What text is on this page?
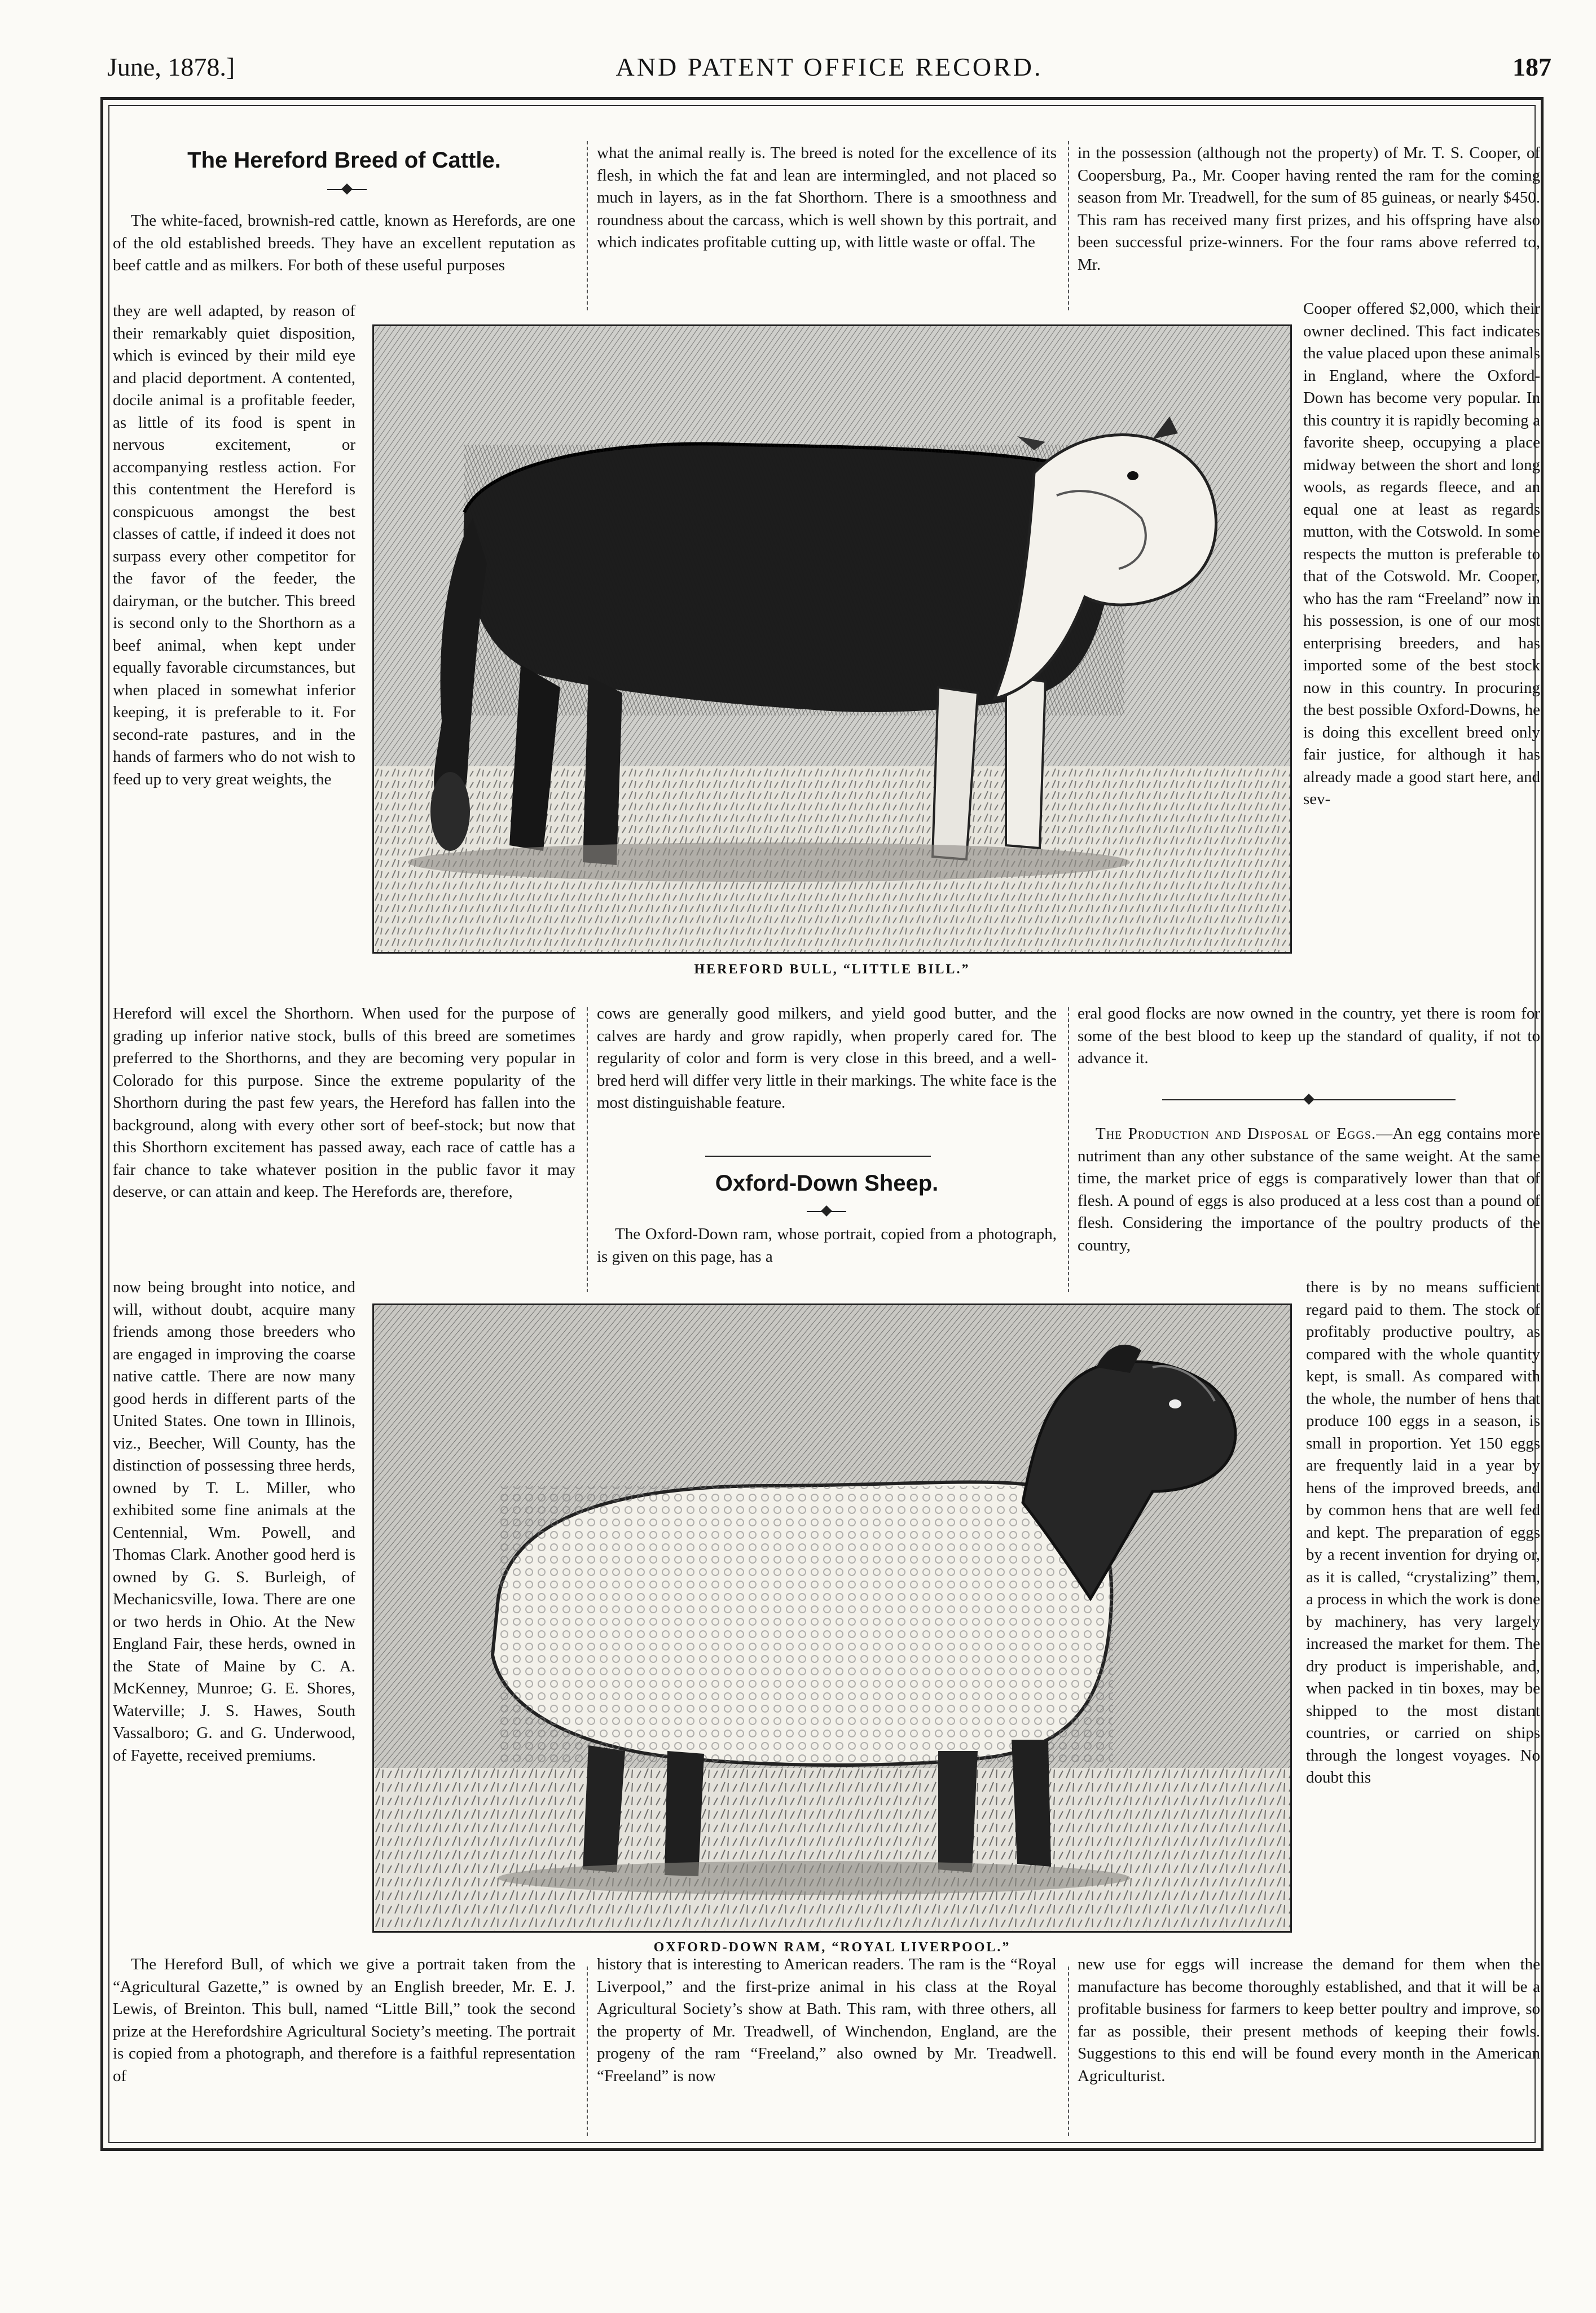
June, 1878.]	AND PATENT OFFICE RECORD.	187
The Hereford Breed of Cattle.

The white-faced, brownish-red cattle, known as Herefords, are one of the old established breeds. They have an excellent reputation as beef cattle and as milkers. For both of these useful purposes

they are well adapted, by reason of their remarkably quiet disposition, which is evinced by their mild eye and placid deportment. A contented, docile animal is a profitable feeder, as little of its food is spent in nervous excitement, or accompanying restless action. For this contentment the Hereford is conspicuous amongst the best classes of cattle, if indeed it does not surpass every other competitor for the favor of the feeder, the dairyman, or the butcher. This breed is second only to the Shorthorn as a beef animal, when kept under equally favorable circumstances, but when placed in somewhat inferior keeping, it is preferable to it. For second-rate pastures, and in the hands of farmers who do not wish to feed up to very great weights, the

Hereford will excel the Shorthorn. When used for the purpose of grading up inferior native stock, bulls of this breed are sometimes preferred to the Shorthorns, and they are becoming very popular in Colorado for this purpose. Since the extreme popularity of the Shorthorn during the past few years, the Hereford has fallen into the background, along with every other sort of beef-stock; but now that this Shorthorn excitement has passed away, each race of cattle has a fair chance to take whatever position in the public favor it may deserve, or can attain and keep. The Herefords are, therefore,

now being brought into notice, and will, without doubt, acquire many friends among those breeders who are engaged in improving the coarse native cattle. There are now many good herds in different parts of the United States. One town in Illinois, viz., Beecher, Will County, has the distinction of possessing three herds, owned by T. L. Miller, who exhibited some fine animals at the Centennial, Wm. Powell, and Thomas Clark. Another good herd is owned by G. S. Burleigh, of Mechanicsville, Iowa. There are one or two herds in Ohio. At the New England Fair, these herds, owned in the State of Maine by C. A. McKenney, Munroe; G. E. Shores, Waterville; J. S. Hawes, South Vassalboro; G. and G. Underwood, of Fayette, received premiums.

The Hereford Bull, of which we give a portrait taken from the “Agricultural Gazette,” is owned by an English breeder, Mr. E. J. Lewis, of Breinton. This bull, named “Little Bill,” took the second prize at the Herefordshire Agricultural Society’s meeting. The portrait is copied from a photograph, and therefore is a faithful representation of

what the animal really is. The breed is noted for the excellence of its flesh, in which the fat and lean are intermingled, and not placed so much in layers, as in the fat Shorthorn. There is a smoothness and roundness about the carcass, which is well shown by this portrait, and which indicates profitable cutting up, with little waste or offal. The

cows are generally good milkers, and yield good butter, and the calves are hardy and grow rapidly, when properly cared for. The regularity of color and form is very close in this breed, and a well-bred herd will differ very little in their markings. The white face is the most distinguishable feature.

Oxford-Down Sheep.

The Oxford-Down ram, whose portrait, copied from a photograph, is given on this page, has a

history that is interesting to American readers. The ram is the “Royal Liverpool,” and the first-prize animal in his class at the Royal Agricultural Society’s show at Bath. This ram, with three others, all the property of Mr. Treadwell, of Winchendon, England, are the progeny of the ram “Freeland,” also owned by Mr. Treadwell. “Freeland” is now

in the possession (although not the property) of Mr. T. S. Cooper, of Coopersburg, Pa., Mr. Cooper having rented the ram for the coming season from Mr. Treadwell, for the sum of 85 guineas, or nearly $450. This ram has received many first prizes, and his offspring have also been successful prize-winners. For the four rams above referred to, Mr.

Cooper offered $2,000, which their owner declined. This fact indicates the value placed upon these animals in England, where the Oxford-Down has become very popular. In this country it is rapidly becoming a favorite sheep, occupying a place midway between the short and long wools, as regards fleece, and an equal one at least as regards mutton, with the Cotswold. In some respects the mutton is preferable to that of the Cotswold. Mr. Cooper, who has the ram “Freeland” now in his possession, is one of our most enterprising breeders, and has imported some of the best stock now in this country. In procuring the best possible Oxford-Downs, he is doing this excellent breed only fair justice, for although it has already made a good start here, and sev-

eral good flocks are now owned in the country, yet there is room for some of the best blood to keep up the standard of quality, if not to advance it.

The Production and Disposal of Eggs.—An egg contains more nutriment than any other substance of the same weight. At the same time, the market price of eggs is comparatively lower than that of flesh. A pound of eggs is also produced at a less cost than a pound of flesh. Considering the importance of the poultry products of the country,

there is by no means sufficient regard paid to them. The stock of profitably productive poultry, as compared with the whole quantity kept, is small. As compared with the whole, the number of hens that produce 100 eggs in a season, is small in proportion. Yet 150 eggs are frequently laid in a year by hens of the improved breeds, and by common hens that are well fed and kept. The preparation of eggs by a recent invention for drying or, as it is called, “crystalizing” them, a process in which the work is done by machinery, has very largely increased the market for them. The dry product is imperishable, and, when packed in tin boxes, may be shipped to the most distant countries, or carried on ships through the longest voyages. No doubt this

new use for eggs will increase the demand for them when the manufacture has become thoroughly established, and that it will be a profitable business for farmers to keep better poultry and improve, so far as possible, their present methods of keeping their fowls. Suggestions to this end will be found every month in the American Agriculturist.

HEREFORD BULL, “LITTLE BILL.”
OXFORD-DOWN RAM, “ROYAL LIVERPOOL.”
